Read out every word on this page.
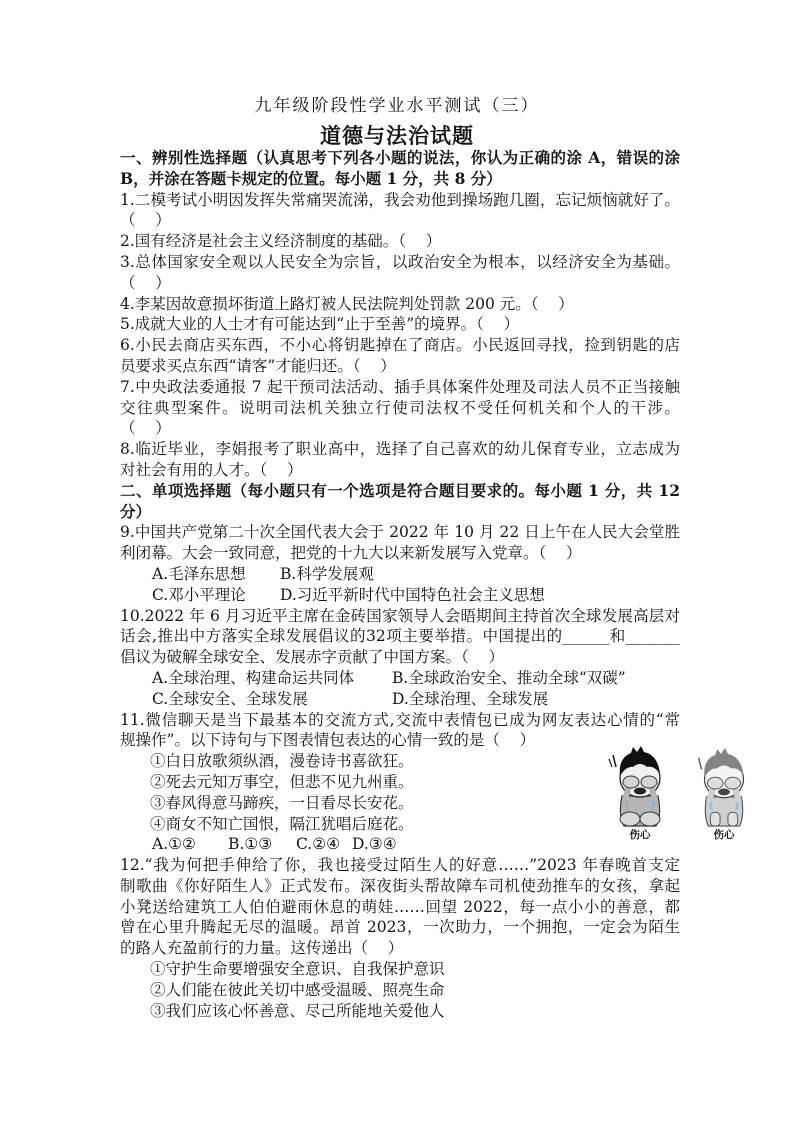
九年级阶段性学业水平测试（三）
道德与法治试题
一、辨别性选择题（认真思考下列各小题的说法，你认为正确的涂 A，错误的涂
B，并涂在答题卡规定的位置。每小题 1 分，共 8 分）
1.二模考试小明因发挥失常痛哭流涕，我会劝他到操场跑几圈，忘记烦恼就好了。
（    ）
2.国有经济是社会主义经济制度的基础。（    ）
3.总体国家安全观以人民安全为宗旨，以政治安全为根本，以经济安全为基础。
（    ）
4.李某因故意损坏街道上路灯被人民法院判处罚款 200 元。（    ）
5.成就大业的人士才有可能达到“止于至善”的境界。（    ）
6.小民去商店买东西，不小心将钥匙掉在了商店。小民返回寻找，捡到钥匙的店
员要求买点东西“请客”才能归还。（    ）
7.中央政法委通报 7 起干预司法活动、插手具体案件处理及司法人员不正当接触
交往典型案件。说明司法机关独立行使司法权不受任何机关和个人的干涉。
（    ）
8.临近毕业，李娟报考了职业高中，选择了自己喜欢的幼儿保育专业，立志成为
对社会有用的人才。（    ）
二、单项选择题（每小题只有一个选项是符合题目要求的。每小题 1 分，共 12
分）
9.中国共产党第二十次全国代表大会于 2022 年 10 月 22 日上午在人民大会堂胜
利闭幕。大会一致同意，把党的十九大以来新发展写入党章。（    ）

A.毛泽东思想

B.科学发展观

C.邓小平理论

D.习近平新时代中国特色社会主义思想

10.2022 年 6 月习近平主席在金砖国家领导人会晤期间主持首次全球发展高层对
话会,推出中方落实全球发展倡议的32项主要举措。中国提出的______和_______
倡议为破解全球安全、发展赤字贡献了中国方案。（    ）

A.全球治理、构建命运共同体

B.全球政治安全、推动全球“双碳”

C.全球安全、全球发展

	D.全球治理、全球发展

11.微信聊天是当下最基本的交流方式,交流中表情包已成为网友表达心情的“常
规操作”。以下诗句与下图表情包表达的心情一致的是（    ）
①白日放歌须纵酒，漫卷诗书喜欲狂。
②死去元知万事空，但悲不见九州重。
③春风得意马蹄疾，一日看尽长安花。
④商女不知亡国恨，隔江犹唱后庭花。

A.①②

B.①③

C.②④

D.③④

12.“我为何把手伸给了你，我也接受过陌生人的好意……”2023 年春晚首支定
制歌曲《你好陌生人》正式发布。深夜街头帮故障车司机使劲推车的女孩，拿起
小凳送给建筑工人伯伯避雨休息的萌娃……回望 2022，每一点小小的善意，都
曾在心里升腾起无尽的温暖。昂首 2023，一次助力，一个拥抱，一定会为陌生
的路人充盈前行的力量。这传递出（    ）
①守护生命要增强安全意识、自我保护意识
②人们能在彼此关切中感受温暖、照亮生命
③我们应该心怀善意、尽己所能地关爱他人
伤心	伤心
